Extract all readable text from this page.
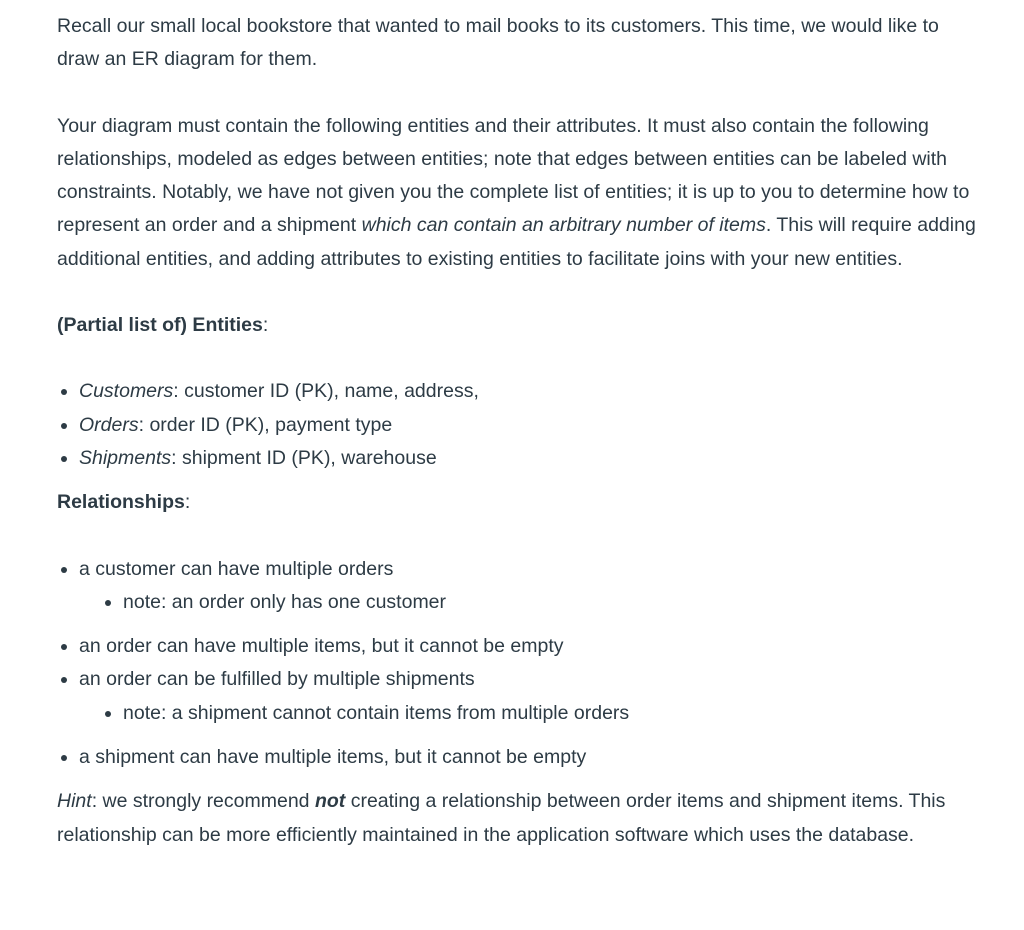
Recall our small local bookstore that wanted to mail books to its customers. This time, we would like to draw an ER diagram for them.

Your diagram must contain the following entities and their attributes. It must also contain the following relationships, modeled as edges between entities; note that edges between entities can be labeled with constraints. Notably, we have not given you the complete list of entities; it is up to you to determine how to represent an order and a shipment which can contain an arbitrary number of items. This will require adding additional entities, and adding attributes to existing entities to facilitate joins with your new entities.

(Partial list of) Entities:

Customers: customer ID (PK), name, address,
Orders: order ID (PK), payment type
Shipments: shipment ID (PK), warehouse

Relationships:

a customer can have multiple orders
note: an order only has one customer
an order can have multiple items, but it cannot be empty
an order can be fulfilled by multiple shipments
note: a shipment cannot contain items from multiple orders
a shipment can have multiple items, but it cannot be empty

Hint: we strongly recommend not creating a relationship between order items and shipment items. This relationship can be more efficiently maintained in the application software which uses the database.
